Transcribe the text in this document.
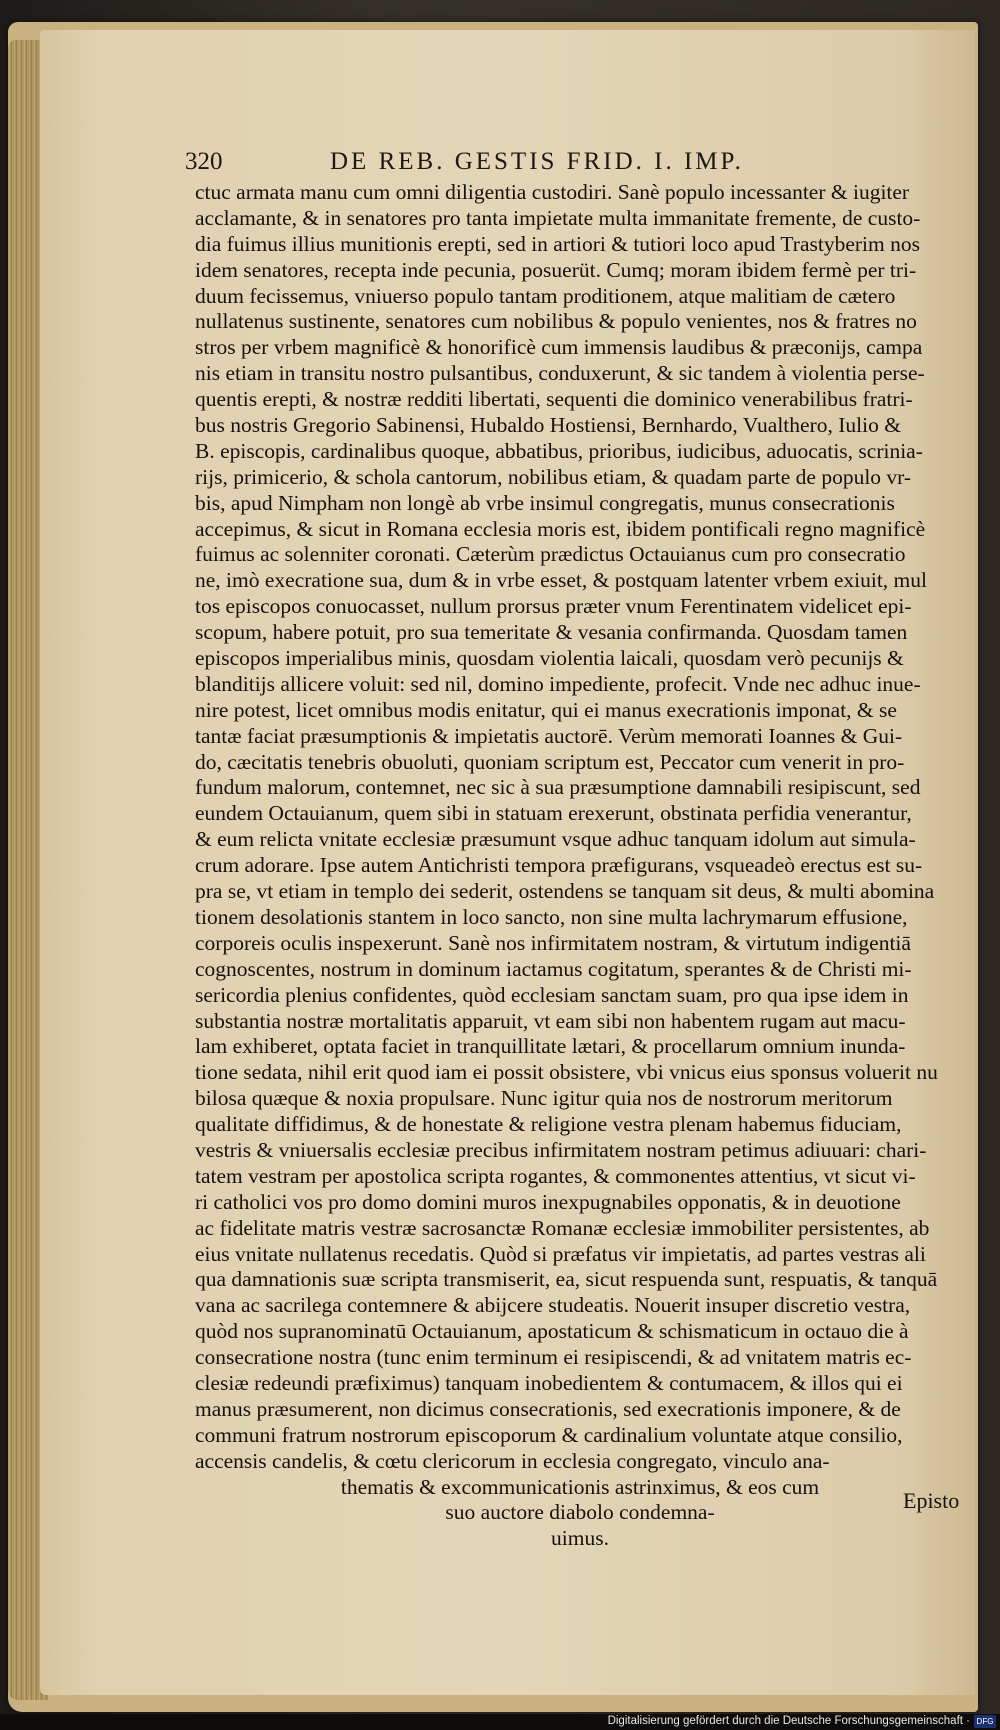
320	DE REB. GESTIS FRID. I. IMP.
ctuc armata manu cum omni diligentia custodiri. Sanè populo incessanter & iugiter
acclamante, & in senatores pro tanta impietate multa immanitate fremente, de custo-
dia fuimus illius munitionis erepti, sed in artiori & tutiori loco apud Trastyberim nos
idem senatores, recepta inde pecunia, posuerüt. Cumq; moram ibidem fermè per tri-
duum fecissemus, vniuerso populo tantam proditionem, atque malitiam de cætero
nullatenus sustinente, senatores cum nobilibus & populo venientes, nos & fratres no
stros per vrbem magnificè & honorificè cum immensis laudibus & præconijs, campa
nis etiam in transitu nostro pulsantibus, conduxerunt, & sic tandem à violentia perse-
quentis erepti, & nostræ redditi libertati, sequenti die dominico venerabilibus fratri-
bus nostris Gregorio Sabinensi, Hubaldo Hostiensi, Bernhardo, Vualthero, Iulio &
B. episcopis, cardinalibus quoque, abbatibus, prioribus, iudicibus, aduocatis, scrinia-
rijs, primicerio, & schola cantorum, nobilibus etiam, & quadam parte de populo vr-
bis, apud Nimpham non longè ab vrbe insimul congregatis, munus consecrationis
accepimus, & sicut in Romana ecclesia moris est, ibidem pontificali regno magnificè
fuimus ac solenniter coronati. Cæterùm prædictus Octauianus cum pro consecratio
ne, imò execratione sua, dum & in vrbe esset, & postquam latenter vrbem exiuit, mul
tos episcopos conuocasset, nullum prorsus præter vnum Ferentinatem videlicet epi-
scopum, habere potuit, pro sua temeritate & vesania confirmanda. Quosdam tamen
episcopos imperialibus minis, quosdam violentia laicali, quosdam verò pecunijs &
blanditijs allicere voluit: sed nil, domino impediente, profecit. Vnde nec adhuc inue-
nire potest, licet omnibus modis enitatur, qui ei manus execrationis imponat, & se
tantæ faciat præsumptionis & impietatis auctorē. Verùm memorati Ioannes & Gui-
do, cæcitatis tenebris obuoluti, quoniam scriptum est, Peccator cum venerit in pro-
fundum malorum, contemnet, nec sic à sua præsumptione damnabili resipiscunt, sed
eundem Octauianum, quem sibi in statuam erexerunt, obstinata perfidia venerantur,
& eum relicta vnitate ecclesiæ præsumunt vsque adhuc tanquam idolum aut simula-
crum adorare. Ipse autem Antichristi tempora præfigurans, vsqueadeò erectus est su-
pra se, vt etiam in templo dei sederit, ostendens se tanquam sit deus, & multi abomina
tionem desolationis stantem in loco sancto, non sine multa lachrymarum effusione,
corporeis oculis inspexerunt. Sanè nos infirmitatem nostram, & virtutum indigentiā
cognoscentes, nostrum in dominum iactamus cogitatum, sperantes & de Christi mi-
sericordia plenius confidentes, quòd ecclesiam sanctam suam, pro qua ipse idem in
substantia nostræ mortalitatis apparuit, vt eam sibi non habentem rugam aut macu-
lam exhiberet, optata faciet in tranquillitate lætari, & procellarum omnium inunda-
tione sedata, nihil erit quod iam ei possit obsistere, vbi vnicus eius sponsus voluerit nu
bilosa quæque & noxia propulsare. Nunc igitur quia nos de nostrorum meritorum
qualitate diffidimus, & de honestate & religione vestra plenam habemus fiduciam,
vestris & vniuersalis ecclesiæ precibus infirmitatem nostram petimus adiuuari: chari-
tatem vestram per apostolica scripta rogantes, & commonentes attentius, vt sicut vi-
ri catholici vos pro domo domini muros inexpugnabiles opponatis, & in deuotione
ac fidelitate matris vestræ sacrosanctæ Romanæ ecclesiæ immobiliter persistentes, ab
eius vnitate nullatenus recedatis. Quòd si præfatus vir impietatis, ad partes vestras ali
qua damnationis suæ scripta transmiserit, ea, sicut respuenda sunt, respuatis, & tanquā
vana ac sacrilega contemnere & abijcere studeatis. Nouerit insuper discretio vestra,
quòd nos supranominatū Octauianum, apostaticum & schismaticum in octauo die à
consecratione nostra (tunc enim terminum ei resipiscendi, & ad vnitatem matris ec-
clesiæ redeundi præfiximus) tanquam inobedientem & contumacem, & illos qui ei
manus præsumerent, non dicimus consecrationis, sed execrationis imponere, & de
communi fratrum nostrorum episcoporum & cardinalium voluntate atque consilio,
accensis candelis, & cœtu clericorum in ecclesia congregato, vinculo ana-
thematis & excommunicationis astrinximus, & eos cum
suo auctore diabolo condemna-
uimus.
Episto
Digitalisierung gefördert durch die Deutsche Forschungsgemeinschaft · DFG
